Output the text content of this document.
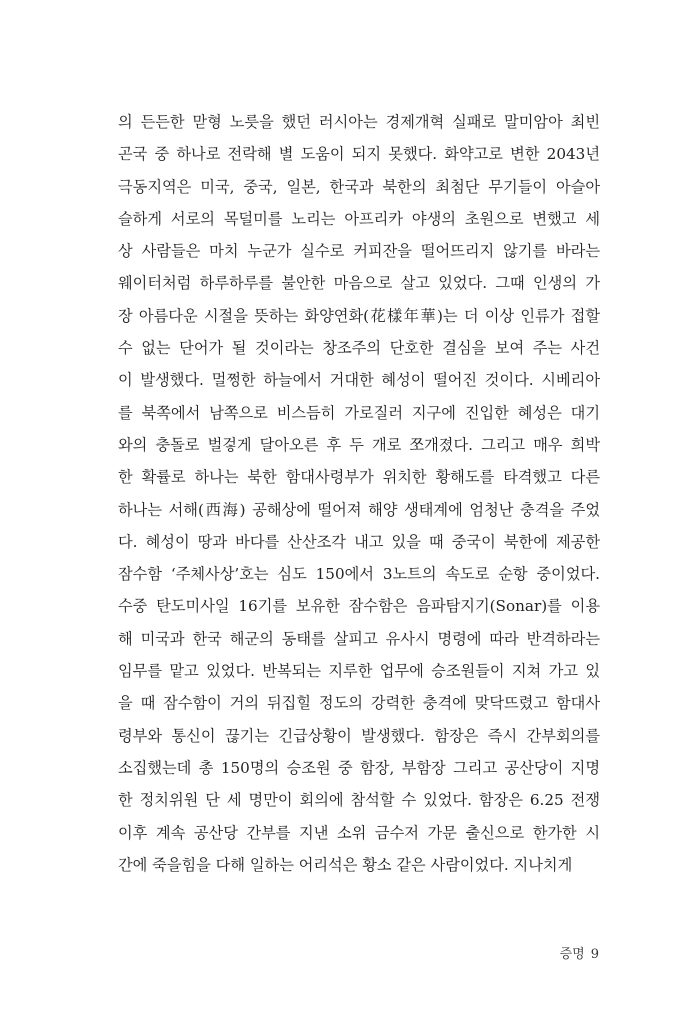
의 든든한 맏형 노릇을 했던 러시아는 경제개혁 실패로 말미암아 최빈
곤국 중 하나로 전락해 별 도움이 되지 못했다. 화약고로 변한 2043년
극동지역은 미국, 중국, 일본, 한국과 북한의 최첨단 무기들이 아슬아
슬하게 서로의 목덜미를 노리는 아프리카 야생의 초원으로 변했고 세
상 사람들은 마치 누군가 실수로 커피잔을 떨어뜨리지 않기를 바라는
웨이터처럼 하루하루를 불안한 마음으로 살고 있었다. 그때 인생의 가
장 아름다운 시절을 뜻하는 화양연화(花樣年華)는 더 이상 인류가 접할
수 없는 단어가 될 것이라는 창조주의 단호한 결심을 보여 주는 사건
이 발생했다. 멀쩡한 하늘에서 거대한 혜성이 떨어진 것이다. 시베리아
를 북쪽에서 남쪽으로 비스듬히 가로질러 지구에 진입한 혜성은 대기
와의 충돌로 벌겋게 달아오른 후 두 개로 쪼개졌다. 그리고 매우 희박
한 확률로 하나는 북한 함대사령부가 위치한 황해도를 타격했고 다른
하나는 서해(西海) 공해상에 떨어져 해양 생태계에 엄청난 충격을 주었
다. 혜성이 땅과 바다를 산산조각 내고 있을 때 중국이 북한에 제공한
잠수함 ‘주체사상’호는 심도 150에서 3노트의 속도로 순항 중이었다.
수중 탄도미사일 16기를 보유한 잠수함은 음파탐지기(Sonar)를 이용
해 미국과 한국 해군의 동태를 살피고 유사시 명령에 따라 반격하라는
임무를 맡고 있었다. 반복되는 지루한 업무에 승조원들이 지쳐 가고 있
을 때 잠수함이 거의 뒤집힐 정도의 강력한 충격에 맞닥뜨렸고 함대사
령부와 통신이 끊기는 긴급상황이 발생했다. 함장은 즉시 간부회의를
소집했는데 총 150명의 승조원 중 함장, 부함장 그리고 공산당이 지명
한 정치위원 단 세 명만이 회의에 참석할 수 있었다. 함장은 6.25 전쟁
이후 계속 공산당 간부를 지낸 소위 금수저 가문 출신으로 한가한 시
간에 죽을힘을 다해 일하는 어리석은 황소 같은 사람이었다. 지나치게
증명 9
